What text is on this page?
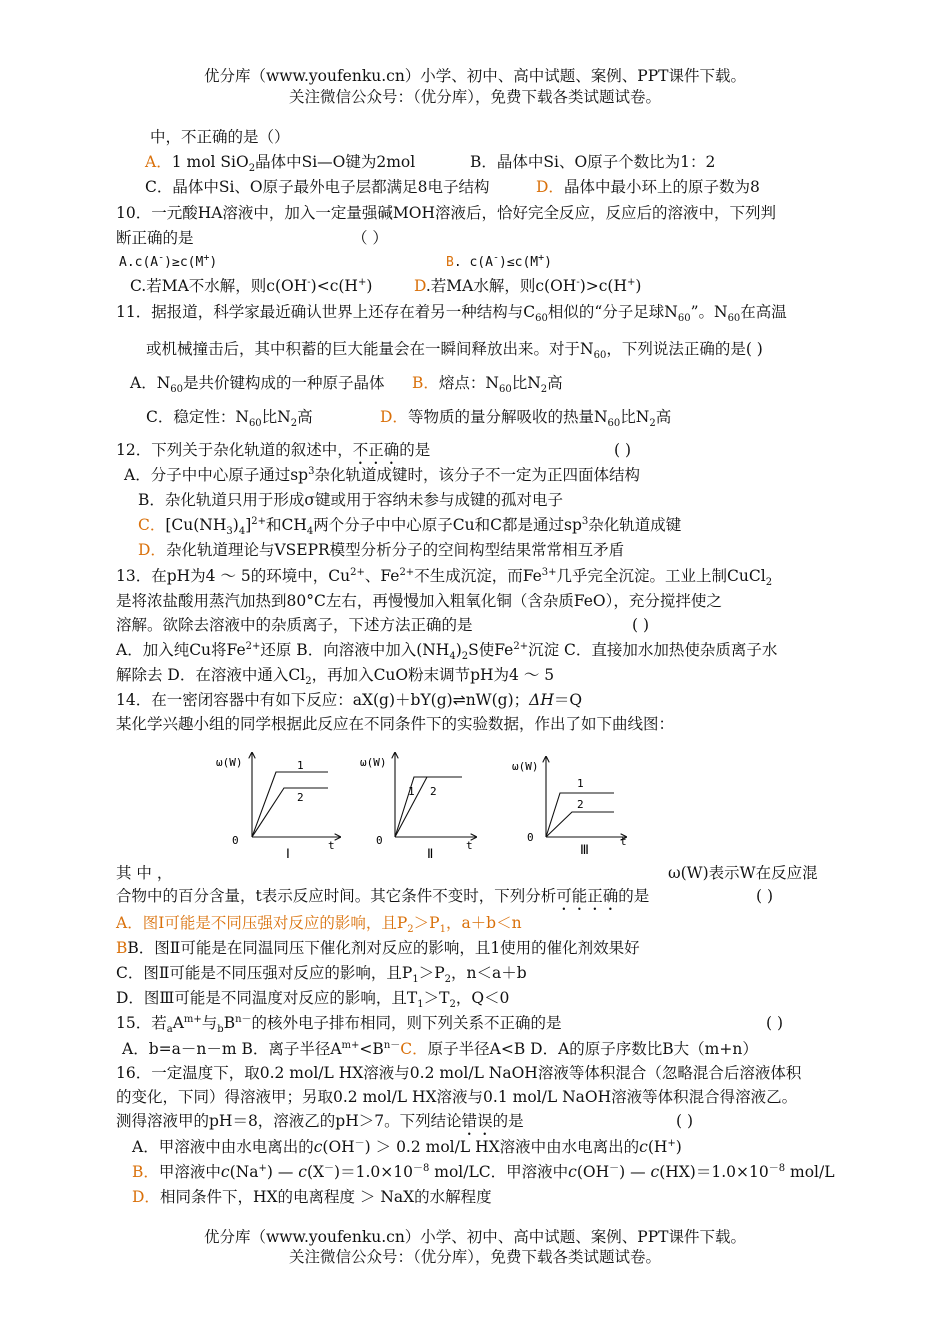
优分库（www.youfenku.cn）小学、初中、高中试题、案例、PPT课件下载。
关注微信公众号：（优分库），免费下载各类试题试卷。
中，不正确的是（）
A．1 mol SiO$_2$晶体中Si—O键为2mol	B．晶体中Si、O原子个数比为1：2
C．晶体中Si、O原子最外电子层都满足8电子结构	D．晶体中最小环上的原子数为8
10．一元酸HA溶液中，加入一定量强碱MOH溶液后，恰好完全反应，反应后的溶液中，下列判
断正确的是	（ ）
A.c(A-)≥c(M+)	B. c(A-)≤c(M+)
C.若MA不水解，则c(OH-)<c(H+)	D.若MA水解，则c(OH-)>c(H+)
11．据报道，科学家最近确认世界上还存在着另一种结构与$C_{60}$相似的“分子足球$N_{60}$”。$N_{60}$在高温
或机械撞击后，其中积蓄的巨大能量会在一瞬间释放出来。对于$N_{60}$，下列说法正确的是( )
A．$N_{60}$是共价键构成的一种原子晶体 B．熔点：$N_{60}$比$N_2$高
C．稳定性：$N_{60}$比$N_2$高	D．等物质的量分解吸收的热量$N_{60}$比$N_2$高
12．下列关于杂化轨道的叙述中，不正确的是	( )
A．分子中中心原子通过$sp^3$杂化轨道成键时，该分子不一定为正四面体结构
B．杂化轨道只用于形成σ键或用于容纳未参与成键的孤对电子
C．$[Cu(NH_3)_4]^{2+}$和$CH_4$两个分子中中心原子Cu和C都是通过$sp^3$杂化轨道成键
D．杂化轨道理论与VSEPR模型分析分子的空间构型结果常常相互矛盾
13．在pH为4 ～ 5的环境中，$Cu^{2+}$、$Fe^{2+}$不生成沉淀，而$Fe^{3+}$几乎完全沉淀。工业上制CuCl$_2$
是将浓盐酸用蒸汽加热到80°C左右，再慢慢加入粗氧化铜（含杂质FeO），充分搅拌使之
溶解。欲除去溶液中的杂质离子，下述方法正确的是	( )
A．加入纯Cu将$Fe^{2+}$还原 B．向溶液中加入$(NH_4)_2S$使$Fe^{2+}$沉淀 C．直接加水加热使杂质离子水
解除去 D．在溶液中通入$Cl_2$，再加入CuO粉末调节pH为4 ～ 5
14．在一密闭容器中有如下反应：aX(g)＋bY(g)⇌nW(g)；ΔH＝Q
某化学兴趣小组的同学根据此反应在不同条件下的实验数据，作出了如下曲线图：
ω(W)
0	t
Ⅰ
1
2
ω(W)
0	t
Ⅱ
1 2
ω(W)
0	t
Ⅲ
1
2
其 中 ，	ω(W)表示W在反应混
合物中的百分含量，t表示反应时间。其它条件不变时，下列分析可能正确的是	( )
A．图Ⅰ可能是不同压强对反应的影响，且$P_2>P_1$，a＋b＜n
BB．图Ⅱ可能是在同温同压下催化剂对反应的影响，且1使用的催化剂效果好
C．图Ⅱ可能是不同压强对反应的影响，且$P_1>P_2$，n＜a＋b
D．图Ⅲ可能是不同温度对反应的影响，且$T_1>T_2$，Q＜0
15．若$_aA^{m+}$与$_bB^{n-}$的核外电子排布相同，则下列关系不正确的是	( )
A．b=a－n－m B．离子半径$A^{m+}<B^{n-}C$．原子半径A<B D．A的原子序数比B大（m+n）
16．一定温度下，取0.2 mol/L HX溶液与0.2 mol/L NaOH溶液等体积混合（忽略混合后溶液体积
的变化，下同）得溶液甲；另取0.2 mol/L HX溶液与0.1 mol/L NaOH溶液等体积混合得溶液乙。
测得溶液甲的pH＝8，溶液乙的pH＞7。下列结论错误的是	( )
A．甲溶液中由水电离出的c(OH－) ＞ 0.2 mol/L HX溶液中由水电离出的c(H+)
B．甲溶液中c(Na+) — $c(X^-)=1.0\times 10^{-8}$ mol/LC．甲溶液中c(OH－) — $c(HX)=1.0\times 10^{-8}$ mol/L
D．相同条件下，HX的电离程度 ＞ NaX的水解程度
优分库（www.youfenku.cn）小学、初中、高中试题、案例、PPT课件下载。
关注微信公众号：（优分库），免费下载各类试题试卷。
